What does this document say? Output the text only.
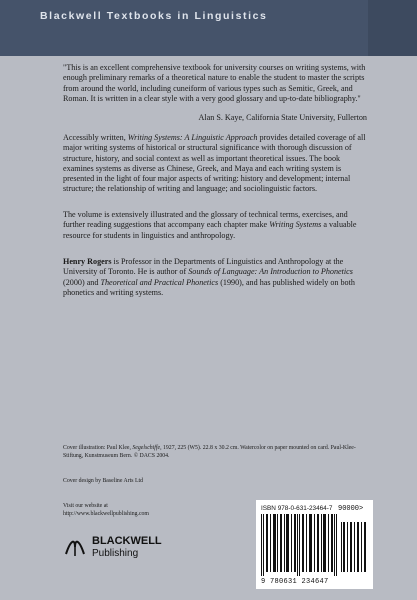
Blackwell Textbooks in Linguistics
"This is an excellent comprehensive textbook for university courses on writing systems, with enough preliminary remarks of a theoretical nature to enable the student to master the scripts from around the world, including cuneiform of various types such as Semitic, Greek, and Roman. It is written in a clear style with a very good glossary and up-to-date bibliography."
Alan S. Kaye, California State University, Fullerton
Accessibly written, Writing Systems: A Linguistic Approach provides detailed coverage of all major writing systems of historical or structural significance with thorough discussion of structure, history, and social context as well as important theoretical issues. The book examines systems as diverse as Chinese, Greek, and Maya and each writing system is presented in the light of four major aspects of writing: history and development; internal structure; the relationship of writing and language; and sociolinguistic factors.
The volume is extensively illustrated and the glossary of technical terms, exercises, and further reading suggestions that accompany each chapter make Writing Systems a valuable resource for students in linguistics and anthropology.
Henry Rogers is Professor in the Departments of Linguistics and Anthropology at the University of Toronto. He is author of Sounds of Language: An Introduction to Phonetics (2000) and Theoretical and Practical Phonetics (1990), and has published widely on both phonetics and writing systems.
Cover illustration: Paul Klee, Segelschiffe, 1927, 225 (W5). 22.8 x 30.2 cm. Watercolor on paper mounted on card. Paul-Klee-Stiftung, Kunstmuseum Bern. © DACS 2004.
Cover design by Baseline Arts Ltd
Visit our website at
http://www.blackwellpublishing.com
BLACKWELL
Publishing
ISBN 978-0-631-23464-7 90000>
9 780631 234647
